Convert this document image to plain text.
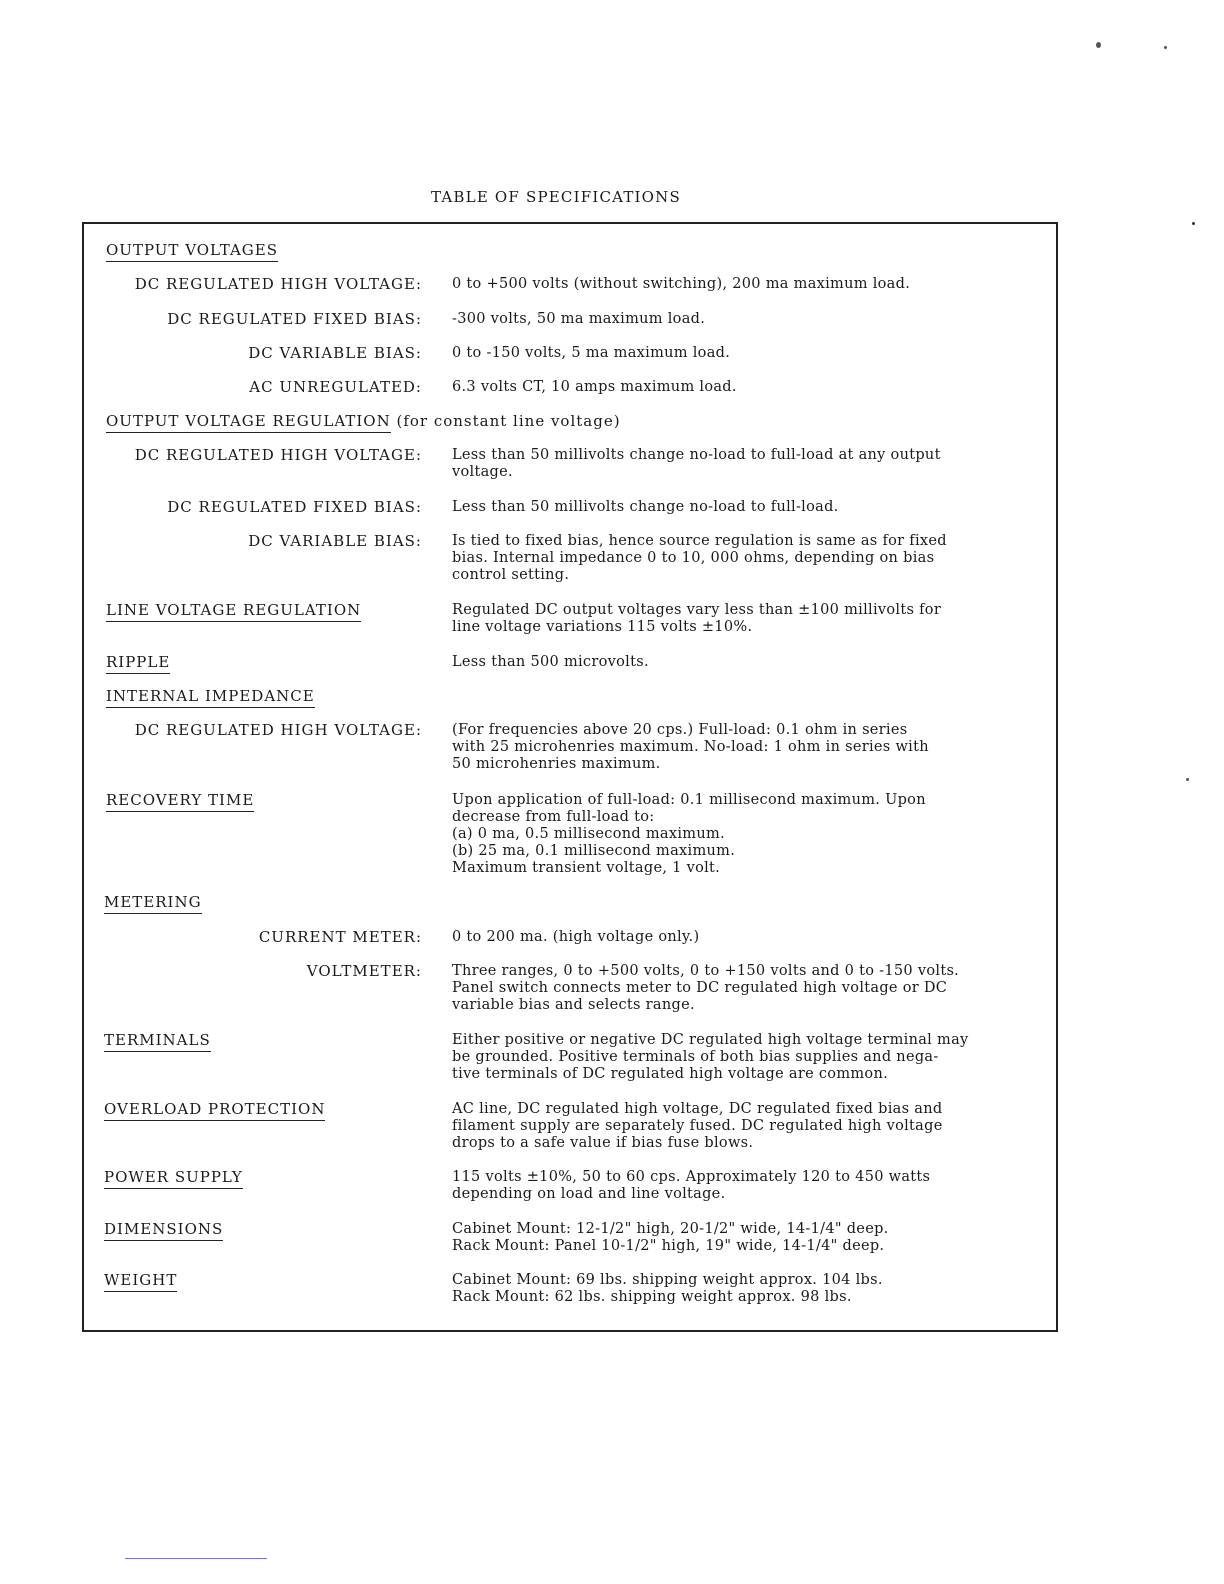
TABLE OF SPECIFICATIONS
OUTPUT VOLTAGES
DC REGULATED HIGH VOLTAGE: 0 to +500 volts (without switching), 200 ma maximum load.
DC REGULATED FIXED BIAS: -300 volts, 50 ma maximum load.
DC VARIABLE BIAS: 0 to -150 volts, 5 ma maximum load.
AC UNREGULATED: 6.3 volts CT, 10 amps maximum load.
OUTPUT VOLTAGE REGULATION (for constant line voltage)
DC REGULATED HIGH VOLTAGE: Less than 50 millivolts change no-load to full-load at any output
voltage.
DC REGULATED FIXED BIAS: Less than 50 millivolts change no-load to full-load.
DC VARIABLE BIAS: Is tied to fixed bias, hence source regulation is same as for fixed
bias. Internal impedance 0 to 10, 000 ohms, depending on bias
control setting.
LINE VOLTAGE REGULATION	Regulated DC output voltages vary less than ±100 millivolts for
line voltage variations 115 volts ±10%.
RIPPLE	Less than 500 microvolts.
INTERNAL IMPEDANCE
DC REGULATED HIGH VOLTAGE: (For frequencies above 20 cps.) Full-load: 0.1 ohm in series
with 25 microhenries maximum. No-load: 1 ohm in series with
50 microhenries maximum.
RECOVERY TIME	Upon application of full-load: 0.1 millisecond maximum. Upon
decrease from full-load to:
(a) 0 ma, 0.5 millisecond maximum.
(b) 25 ma, 0.1 millisecond maximum.
Maximum transient voltage, 1 volt.
METERING
CURRENT METER: 0 to 200 ma. (high voltage only.)
VOLTMETER: Three ranges, 0 to +500 volts, 0 to +150 volts and 0 to -150 volts.
Panel switch connects meter to DC regulated high voltage or DC
variable bias and selects range.
TERMINALS	Either positive or negative DC regulated high voltage terminal may
be grounded. Positive terminals of both bias supplies and nega-
tive terminals of DC regulated high voltage are common.
OVERLOAD PROTECTION	AC line, DC regulated high voltage, DC regulated fixed bias and
filament supply are separately fused. DC regulated high voltage
drops to a safe value if bias fuse blows.
POWER SUPPLY	115 volts ±10%, 50 to 60 cps. Approximately 120 to 450 watts
depending on load and line voltage.
DIMENSIONS	Cabinet Mount: 12-1/2" high, 20-1/2" wide, 14-1/4" deep.
Rack Mount: Panel 10-1/2" high, 19" wide, 14-1/4" deep.
WEIGHT	Cabinet Mount: 69 lbs. shipping weight approx. 104 lbs.
Rack Mount: 62 lbs. shipping weight approx. 98 lbs.
